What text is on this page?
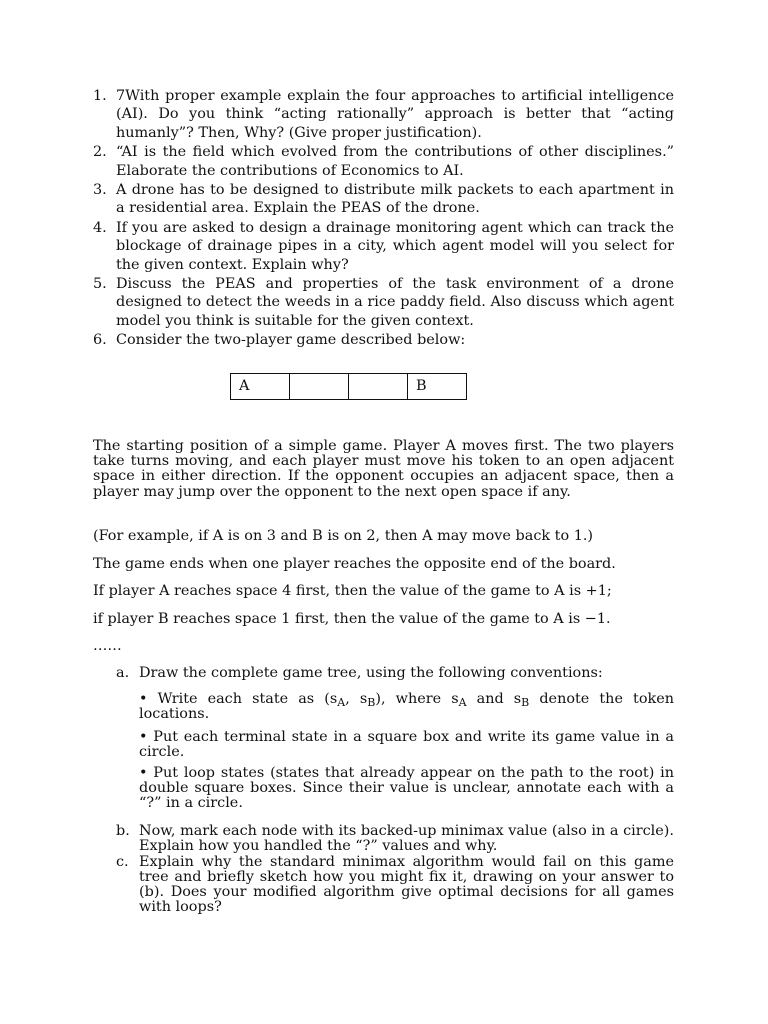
1. 7With proper example explain the four approaches to artificial intelligence (AI). Do you think “acting rationally” approach is better that “acting humanly”? Then, Why? (Give proper justification).
2. “AI is the field which evolved from the contributions of other disciplines.” Elaborate the contributions of Economics to AI.
3. A drone has to be designed to distribute milk packets to each apartment in a residential area. Explain the PEAS of the drone.
4. If you are asked to design a drainage monitoring agent which can track the blockage of drainage pipes in a city, which agent model will you select for the given context. Explain why?
5. Discuss the PEAS and properties of the task environment of a drone designed to detect the weeds in a rice paddy field. Also discuss which agent model you think is suitable for the given context.
6. Consider the two-player game described below:
A	B
The starting position of a simple game. Player A moves first. The two players take turns moving, and each player must move his token to an open adjacent space in either direction. If the opponent occupies an adjacent space, then a player may jump over the opponent to the next open space if any.
(For example, if A is on 3 and B is on 2, then A may move back to 1.)
The game ends when one player reaches the opposite end of the board.
If player A reaches space 4 first, then the value of the game to A is +1;
if player B reaches space 1 first, then the value of the game to A is −1.
……
a. Draw the complete game tree, using the following conventions:
• Write each state as ($s_A$, $s_B$), where $s_A$ and $s_B$ denote the token locations.
• Put each terminal state in a square box and write its game value in a circle.
• Put loop states (states that already appear on the path to the root) in double square boxes. Since their value is unclear, annotate each with a “?” in a circle.
b. Now, mark each node with its backed-up minimax value (also in a circle). Explain how you handled the “?” values and why.
c. Explain why the standard minimax algorithm would fail on this game tree and briefly sketch how you might fix it, drawing on your answer to (b). Does your modified algorithm give optimal decisions for all games with loops?
